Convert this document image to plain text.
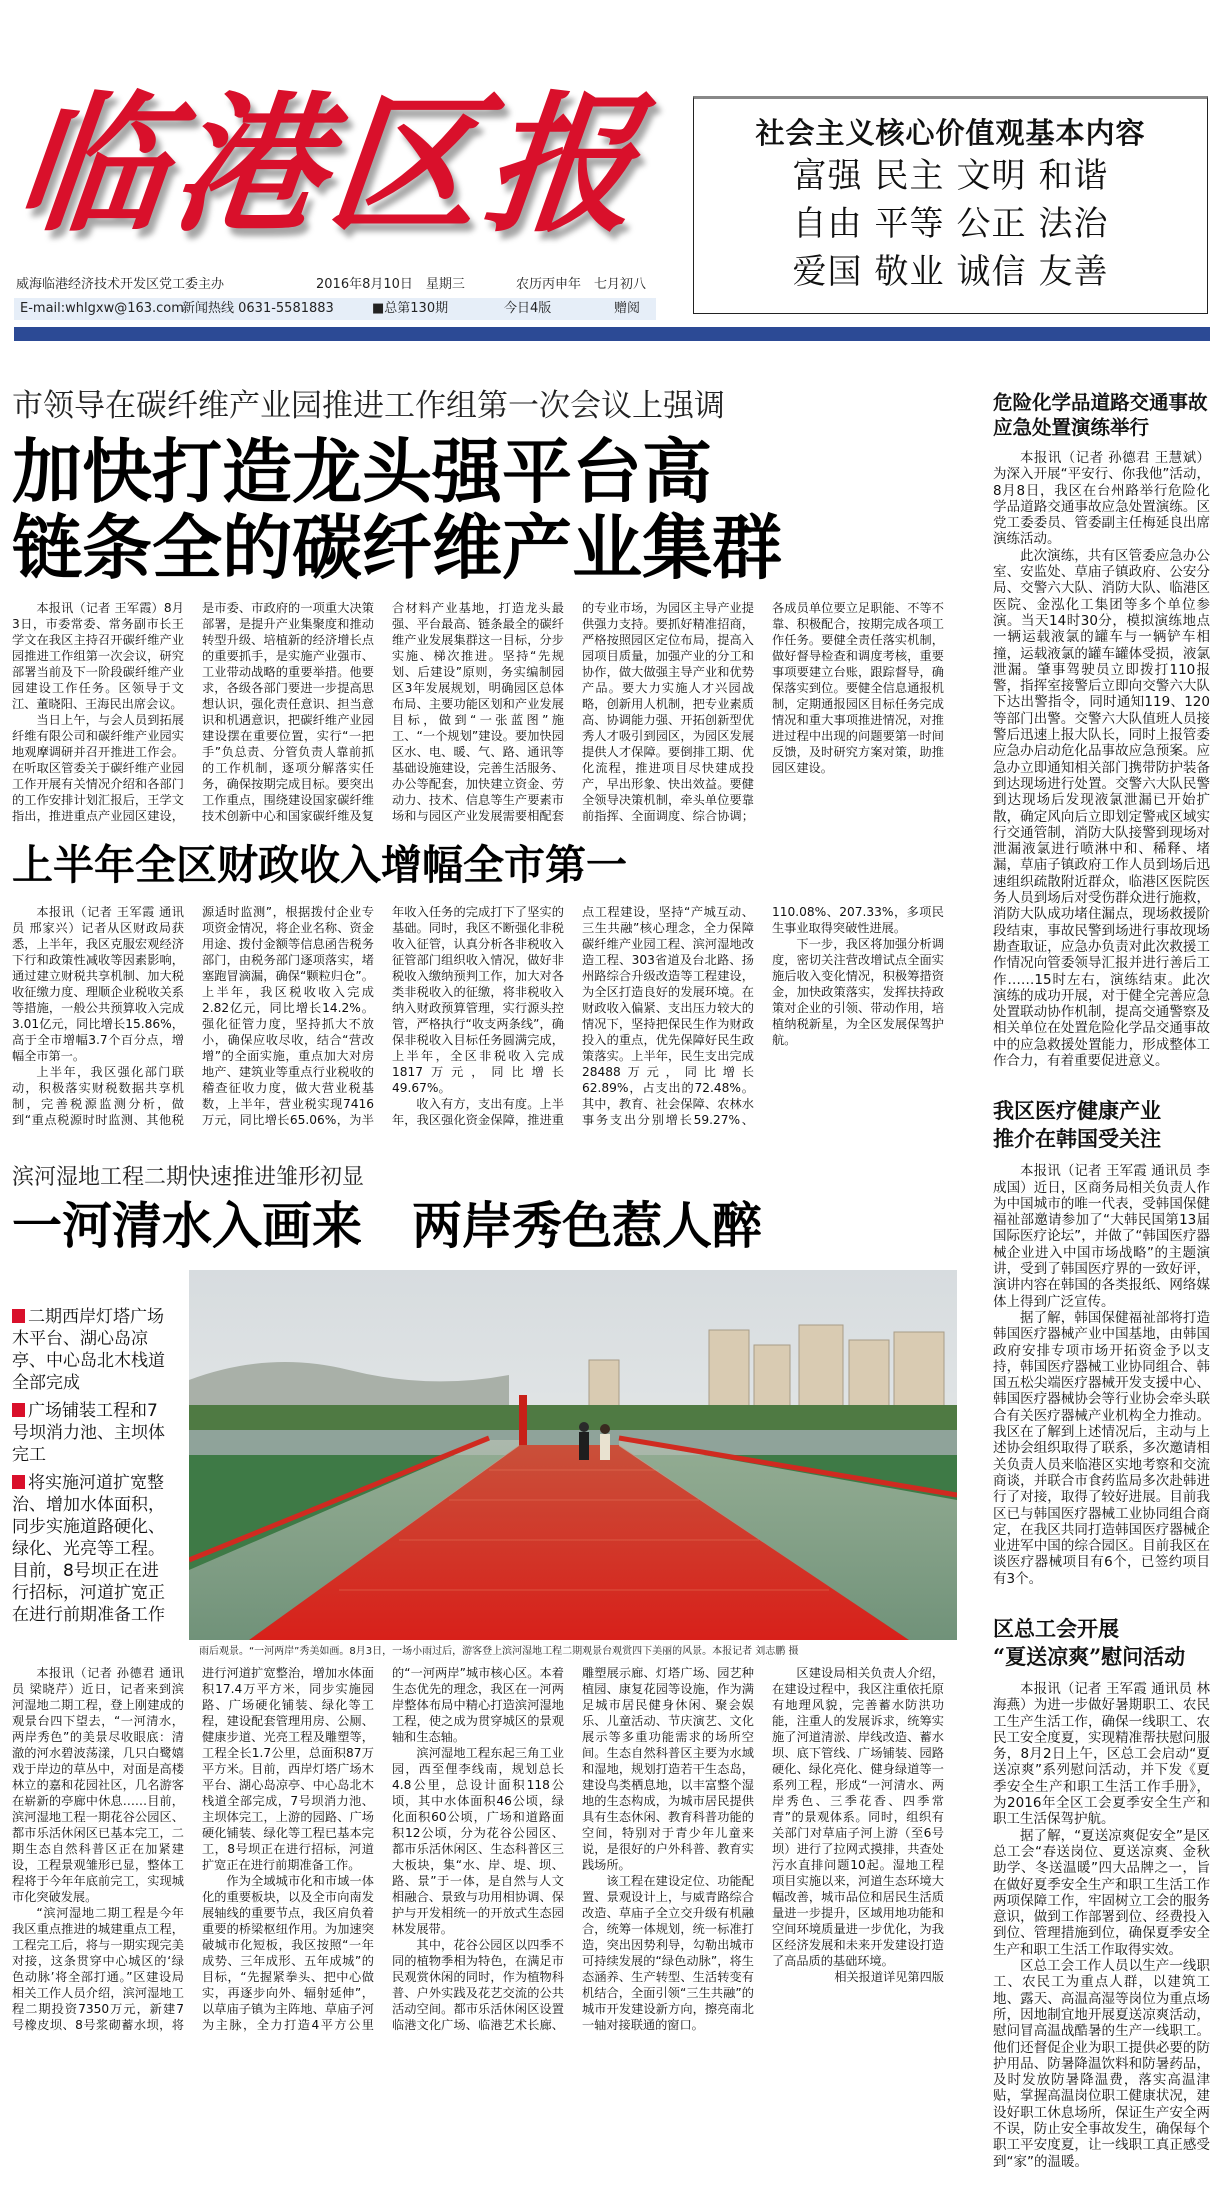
临港区报	社会主义核心价值观基本内容
富强 民主 文明 和谐
自由 平等 公正 法治
爱国 敬业 诚信 友善
威海临港经济技术开发区党工委主办	2016年8月10日　星期三	农历丙申年　七月初八
E-mail:whlgxw@163.com
新闻热线 0631-5581883	■总第130期	今日4版	赠阅
市领导在碳纤维产业园推进工作组第一次会议上强调
加快打造龙头强平台高
链条全的碳纤维产业集群

本报讯（记者 王军霞）8月3日，市委常委、常务副市长王学文在我区主持召开碳纤维产业园推进工作组第一次会议，研究部署当前及下一阶段碳纤维产业园建设工作任务。区领导于文江、董晓阳、王海民出席会议。

当日上午，与会人员到拓展纤维有限公司和碳纤维产业园实地观摩调研并召开推进工作会。在听取区管委关于碳纤维产业园工作开展有关情况介绍和各部门的工作安排计划汇报后，王学文指出，推进重点产业园区建设，是市委、市政府的一项重大决策部署，是提升产业集聚度和推动转型升级、培植新的经济增长点的重要抓手，是实施产业强市、工业带动战略的重要举措。他要求，各级各部门要进一步提高思想认识，强化责任意识、担当意识和机遇意识，把碳纤维产业园建设摆在重要位置，实行“一把手”负总责、分管负责人靠前抓的工作机制，逐项分解落实任务，确保按期完成目标。要突出工作重点，围绕建设国家碳纤维技术创新中心和国家碳纤维及复合材料产业基地，打造龙头最强、平台最高、链条最全的碳纤维产业发展集群这一目标，分步实施、梯次推进。坚持“先规划、后建设”原则，务实编制园区3年发展规划，明确园区总体布局、主要功能区划和产业发展目标，做到“一张蓝图”施工、“一个规划”建设。要加快园区水、电、暖、气、路、通讯等基础设施建设，完善生活服务、办公等配套，加快建立资金、劳动力、技术、信息等生产要素市场和与园区产业发展需要相配套的专业市场，为园区主导产业提供强力支持。要抓好精准招商，严格按照园区定位布局，提高入园项目质量，加强产业的分工和协作，做大做强主导产业和优势产品。要大力实施人才兴园战略，创新用人机制，把专业素质高、协调能力强、开拓创新型优秀人才吸引到园区，为园区发展提供人才保障。要倒排工期、优化流程，推进项目尽快建成投产，早出形象、快出效益。要健全领导决策机制，牵头单位要靠前指挥、全面调度、综合协调；各成员单位要立足职能、不等不靠、积极配合，按期完成各项工作任务。要健全责任落实机制，做好督导检查和调度考核，重要事项要建立台账，跟踪督导，确保落实到位。要健全信息通报机制，定期通报园区目标任务完成情况和重大事项推进情况，对推进过程中出现的问题要第一时间反馈，及时研究方案对策，助推园区建设。

上半年全区财政收入增幅全市第一

本报讯（记者 王军霞 通讯员 邢家兴）记者从区财政局获悉，上半年，我区克服宏观经济下行和政策性减收等因素影响，通过建立财税共享机制、加大税收征缴力度、理顺企业税收关系等措施，一般公共预算收入完成3.01亿元，同比增长15.86%，高于全市增幅3.7个百分点，增幅全市第一。

上半年，我区强化部门联动，积极落实财税数据共享机制，完善税源监测分析，做到“重点税源时时监测、其他税源适时监测”，根据拨付企业专项资金情况，将企业名称、资金用途、拨付金额等信息函告税务部门，由税务部门逐项落实，堵塞跑冒滴漏，确保“颗粒归仓”。上半年，我区税收收入完成2.82亿元，同比增长14.2%。强化征管力度，坚持抓大不放小，确保应收尽收，结合“营改增”的全面实施，重点加大对房地产、建筑业等重点行业税收的稽查征收力度，做大营业税基数，上半年，营业税实现7416万元，同比增长65.06%，为半年收入任务的完成打下了坚实的基础。同时，我区不断强化非税收入征管，认真分析各非税收入征管部门组织收入情况，做好非税收入缴纳预判工作，加大对各类非税收入的征缴，将非税收入纳入财政预算管理，实行源头控管，严格执行“收支两条线”，确保非税收入目标任务圆满完成，上半年，全区非税收入完成1817万元，同比增长49.67%。

收入有方，支出有度。上半年，我区强化资金保障，推进重点工程建设，坚持“产城互动、三生共融”核心理念，全力保障碳纤维产业园工程、滨河湿地改造工程、303省道及台北路、扬州路综合升级改造等工程建设，为全区打造良好的发展环境。在财政收入偏紧、支出压力较大的情况下，坚持把保民生作为财政投入的重点，优先保障好民生政策落实。上半年，民生支出完成28488万元，同比增长62.89%，占支出的72.48%。其中，教育、社会保障、农林水事务支出分别增长59.27%、110.08%、207.33%，多项民生事业取得突破性进展。

下一步，我区将加强分析调度，密切关注营改增试点全面实施后收入变化情况，积极筹措资金，加快政策落实，发挥扶持政策对企业的引领、带动作用，培植纳税新星，为全区发展保驾护航。

滨河湿地工程二期快速推进雏形初显
一河清水入画来　两岸秀色惹人醉
二期西岸灯塔广场木平台、湖心岛凉亭、中心岛北木栈道全部完成
广场铺装工程和7号坝消力池、主坝体完工
将实施河道扩宽整治、增加水体面积，同步实施道路硬化、绿化、光亮等工程。目前，8号坝正在进行招标，河道扩宽正在进行前期准备工作
雨后观景。“一河两岸”秀美如画。8月3日，一场小雨过后，游客登上滨河湿地工程二期观景台观赏四下美丽的风景。本报记者 刘志鹏 摄

本报讯（记者 孙德君 通讯员 梁晓芹）近日，记者来到滨河湿地二期工程，登上刚建成的观景台四下望去，“一河清水，两岸秀色”的美景尽收眼底：清澈的河水碧波荡漾，几只白鹭嬉戏于岸边的草丛中，对面是高楼林立的嘉和花园社区，几名游客在崭新的亭廊中休息……目前，滨河湿地工程一期花谷公园区、都市乐活休闲区已基本完工，二期生态自然科普区正在加紧建设，工程景观雏形已显，整体工程将于今年年底前完工，实现城市化突破发展。

“滨河湿地二期工程是今年我区重点推进的城建重点工程，工程完工后，将与一期实现完美对接，这条贯穿中心城区的‘绿色动脉’将全部打通。”区建设局相关工作人员介绍，滨河湿地工程二期投资7350万元，新建7号橡皮坝、8号浆砌蓄水坝，将进行河道扩宽整治，增加水体面积17.4万平方米，同步实施园路、广场硬化铺装、绿化等工程，建设配套管理用房、公厕、健康步道、光亮工程及雕塑等，工程全长1.7公里，总面积87万平方米。目前，西岸灯塔广场木平台、湖心岛凉亭、中心岛北木栈道全部完成，7号坝消力池、主坝体完工，上游的园路、广场硬化铺装、绿化等工程已基本完工，8号坝正在进行招标，河道扩宽正在进行前期准备工作。

作为全域城市化和市域一体化的重要板块，以及全市向南发展轴线的重要节点，我区肩负着重要的桥梁枢纽作用。为加速突破城市化短板，我区按照“一年成势、三年成形、五年成城”的目标，“先握紧拳头、把中心做实，再逐步向外、辐射延伸”，以草庙子镇为主阵地、草庙子河为主脉，全力打造4平方公里的“一河两岸”城市核心区。本着生态优先的理念，我区在一河两岸整体布局中精心打造滨河湿地工程，使之成为贯穿城区的景观轴和生态轴。

滨河湿地工程东起三角工业园，西至俚李线南，规划总长4.8公里，总设计面积118公顷，其中水体面积46公顷，绿化面积60公顷，广场和道路面积12公顷，分为花谷公园区、都市乐活休闲区、生态科普区三大板块，集“水、岸、堤、坝、路、景”于一体，是自然与人文相融合、景致与功用相协调、保护与开发相统一的开放式生态园林发展带。

其中，花谷公园区以四季不同的植物季相为特色，在满足市民观赏休闲的同时，作为植物科普、户外实践及花艺交流的公共活动空间。都市乐活休闲区设置临港文化广场、临港艺术长廊、雕塑展示廊、灯塔广场、园艺种植园、康复花园等设施，作为满足城市居民健身休闲、聚会娱乐、儿童活动、节庆演艺、文化展示等多重功能需求的场所空间。生态自然科普区主要为水域和湿地，规划打造若干生态岛，建设鸟类栖息地，以丰富整个湿地的生态构成，为城市居民提供具有生态休闲、教育科普功能的空间，特别对于青少年儿童来说，是很好的户外科普、教育实践场所。

该工程在建设定位、功能配置、景观设计上，与威青路综合改造、草庙子全立交升级有机融合，统筹一体规划，统一标准打造，突出因势利导，勾勒出城市可持续发展的“绿色动脉”，将生态涵养、生产转型、生活转变有机结合，全面引领“三生共融”的城市开发建设新方向，擦亮南北一轴对接联通的窗口。

区建设局相关负责人介绍，在建设过程中，我区注重依托原有地理风貌，完善蓄水防洪功能，注重人的发展诉求，统筹实施了河道清淤、岸线改造、蓄水坝、底下管线、广场铺装、园路硬化、绿化亮化、健身绿道等一系列工程，形成“一河清水、两岸秀色、三季花香、四季常青”的景观体系。同时，组织有关部门对草庙子河上游（至6号坝）进行了拉网式摸排，共查处污水直排问题10起。湿地工程项目实施以来，河道生态环境大幅改善，城市品位和居民生活质量进一步提升，区域用地功能和空间环境质量进一步优化，为我区经济发展和未来开发建设打造了高品质的基础环境。

相关报道详见第四版

危险化学品道路交通事故
应急处置演练举行

本报讯（记者 孙德君 王慧斌）为深入开展“平安行、你我他”活动，8月8日，我区在台州路举行危险化学品道路交通事故应急处置演练。区党工委委员、管委副主任梅延良出席演练活动。

此次演练，共有区管委应急办公室、安监处、草庙子镇政府、公安分局、交警六大队、消防大队、临港区医院、金泓化工集团等多个单位参演。当天14时30分，模拟演练地点一辆运载液氯的罐车与一辆铲车相撞，运载液氯的罐车罐体受损，液氯泄漏。肇事驾驶员立即拨打110报警，指挥室接警后立即向交警六大队下达出警指令，同时通知119、120等部门出警。交警六大队值班人员接警后迅速上报大队长，同时上报管委应急办启动危化品事故应急预案。应急办立即通知相关部门携带防护装备到达现场进行处置。交警六大队民警到达现场后发现液氯泄漏已开始扩散，确定风向后立即划定警戒区域实行交通管制，消防大队接警到现场对泄漏液氯进行喷淋中和、稀释、堵漏，草庙子镇政府工作人员到场后迅速组织疏散附近群众，临港区医院医务人员到场后对受伤群众进行施救，消防大队成功堵住漏点，现场救援阶段结束，事故民警到场进行事故现场勘查取证，应急办负责对此次救援工作情况向管委领导汇报并进行善后工作……15时左右，演练结束。此次演练的成功开展，对于健全完善应急处置联动协作机制，提高交通警察及相关单位在处置危险化学品交通事故中的应急救援处置能力，形成整体工作合力，有着重要促进意义。

我区医疗健康产业
推介在韩国受关注

本报讯（记者 王军霞 通讯员 李成国）近日，区商务局相关负责人作为中国城市的唯一代表，受韩国保健福祉部邀请参加了“大韩民国第13届国际医疗论坛”，并做了“韩国医疗器械企业进入中国市场战略”的主题演讲，受到了韩国医疗界的一致好评，演讲内容在韩国的各类报纸、网络媒体上得到广泛宣传。

据了解，韩国保健福祉部将打造韩国医疗器械产业中国基地，由韩国政府安排专项市场开拓资金予以支持，韩国医疗器械工业协同组合、韩国五松尖端医疗器械开发支援中心、韩国医疗器械协会等行业协会牵头联合有关医疗器械产业机构全力推动。我区在了解到上述情况后，主动与上述协会组织取得了联系，多次邀请相关负责人员来临港区实地考察和交流商谈，并联合市食药监局多次赴韩进行了对接，取得了较好进展。目前我区已与韩国医疗器械工业协同组合商定，在我区共同打造韩国医疗器械企业进军中国的综合园区。目前我区在谈医疗器械项目有6个，已签约项目有3个。

区总工会开展
“夏送凉爽”慰问活动

本报讯（记者 王军霞 通讯员 林海燕）为进一步做好暑期职工、农民工生产生活工作，确保一线职工、农民工安全度夏，实现精准帮扶慰问服务，8月2日上午，区总工会启动“夏送凉爽”系列慰问活动，并下发《夏季安全生产和职工生活工作手册》，为2016年全区工会夏季安全生产和职工生活保驾护航。

据了解，“夏送凉爽促安全”是区总工会“春送岗位、夏送凉爽、金秋助学、冬送温暖”四大品牌之一，旨在做好夏季安全生产和职工生活工作两项保障工作，牢固树立工会的服务意识，做到工作部署到位、经费投入到位、管理措施到位，确保夏季安全生产和职工生活工作取得实效。

区总工会工作人员以生产一线职工、农民工为重点人群，以建筑工地、露天、高温高湿等岗位为重点场所，因地制宜地开展夏送凉爽活动，慰问冒高温战酷暑的生产一线职工。他们还督促企业为职工提供必要的防护用品、防暑降温饮料和防暑药品，及时发放防暑降温费，落实高温津贴，掌握高温岗位职工健康状况，建设好职工休息场所，保证生产安全两不误，防止安全事故发生，确保每个职工平安度夏，让一线职工真正感受到“家”的温暖。
